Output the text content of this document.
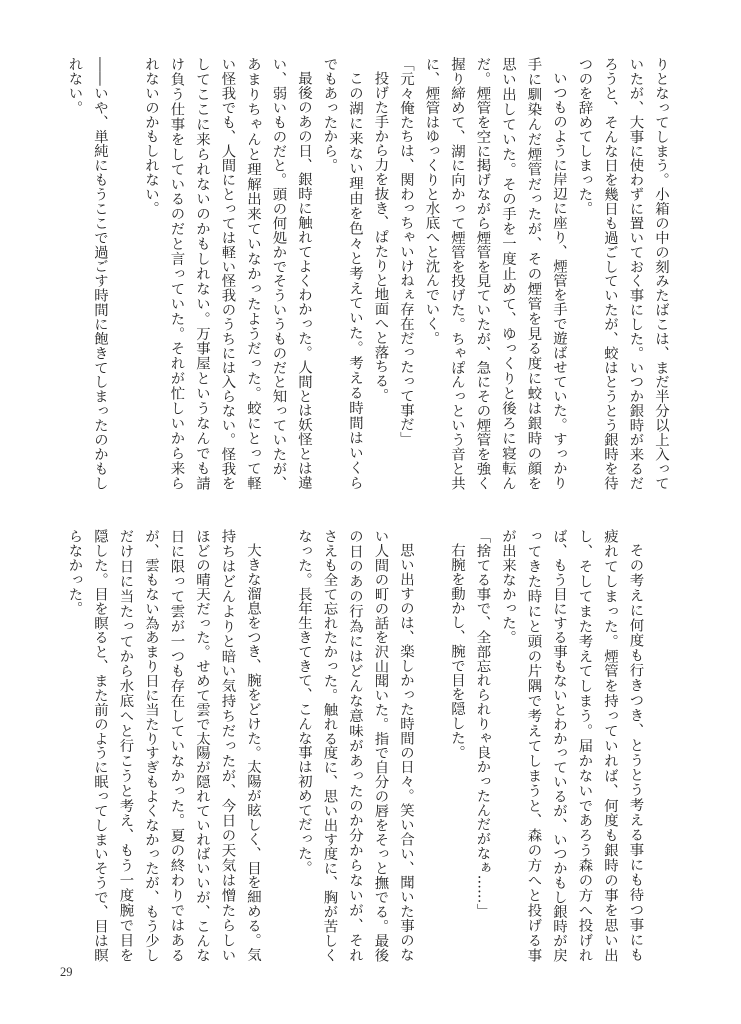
りとなってしまう。小箱の中の刻みたばこは、まだ半分以上入って
いたが、大事に使わずに置いておく事にした。いつか銀時が来るだ
ろうと、そんな日を幾日も過ごしていたが、蛟はとうとう銀時を待
つのを辞めてしまった。
いつものように岸辺に座り、煙管を手で遊ばせていた。すっかり
手に馴染んだ煙管だったが、その煙管を見る度に蛟は銀時の顔を
思い出していた。その手を一度止めて、ゆっくりと後ろに寝転ん
だ。煙管を空に掲げながら煙管を見ていたが、急にその煙管を強く
握り締めて、湖に向かって煙管を投げた。ちゃぽんっという音と共
に、煙管はゆっくりと水底へと沈んでいく。
「元々俺たちは、関わっちゃいけねぇ存在だったって事だ」
投げた手から力を抜き、ぱたりと地面へと落ちる。
この湖に来ない理由を色々と考えていた。考える時間はいくら
でもあったから。
最後のあの日、銀時に触れてよくわかった。人間とは妖怪とは違
い、弱いものだと。頭の何処かでそういうものだと知っていたが、
あまりちゃんと理解出来ていなかったようだった。蛟にとって軽
い怪我でも、人間にとっては軽い怪我のうちには入らない。怪我を
してここに来られないのかもしれない。万事屋というなんでも請
け負う仕事をしているのだと言っていた。それが忙しいから来ら
れないのかもしれない。
――いや、単純にもうここで過ごす時間に飽きてしまったのかもし
れない。
その考えに何度も行きつき、とうとう考える事にも待つ事にも
疲れてしまった。煙管を持っていれば、何度も銀時の事を思い出
し、そしてまた考えてしまう。届かないであろう森の方へ投げれ
ば、もう目にする事もないとわかっているが、いつかもし銀時が戻
ってきた時にと頭の片隅で考えてしまうと、森の方へと投げる事
が出来なかった。
「捨てる事で、全部忘れられりゃ良かったんだがなぁ……」
右腕を動かし、腕で目を隠した。
思い出すのは、楽しかった時間の日々。笑い合い、聞いた事のな
い人間の町の話を沢山聞いた。指で自分の唇をそっと撫でる。最後
の日のあの行為にはどんな意味があったのか分からないが、それ
さえも全て忘れたかった。触れる度に、思い出す度に、胸が苦しく
なった。長年生きてきて、こんな事は初めてだった。
大きな溜息をつき、腕をどけた。太陽が眩しく、目を細める。気
持ちはどんよりと暗い気持ちだったが、今日の天気は憎たらしい
ほどの晴天だった。せめて雲で太陽が隠れていればいいが、こんな
日に限って雲が一つも存在していなかった。夏の終わりではある
が、雲もない為あまり日に当たりすぎもよくなかったが、もう少し
だけ日に当たってから水底へと行こうと考え、もう一度腕で目を
隠した。目を瞑ると、また前のように眠ってしまいそうで、目は瞑
らなかった。
29
